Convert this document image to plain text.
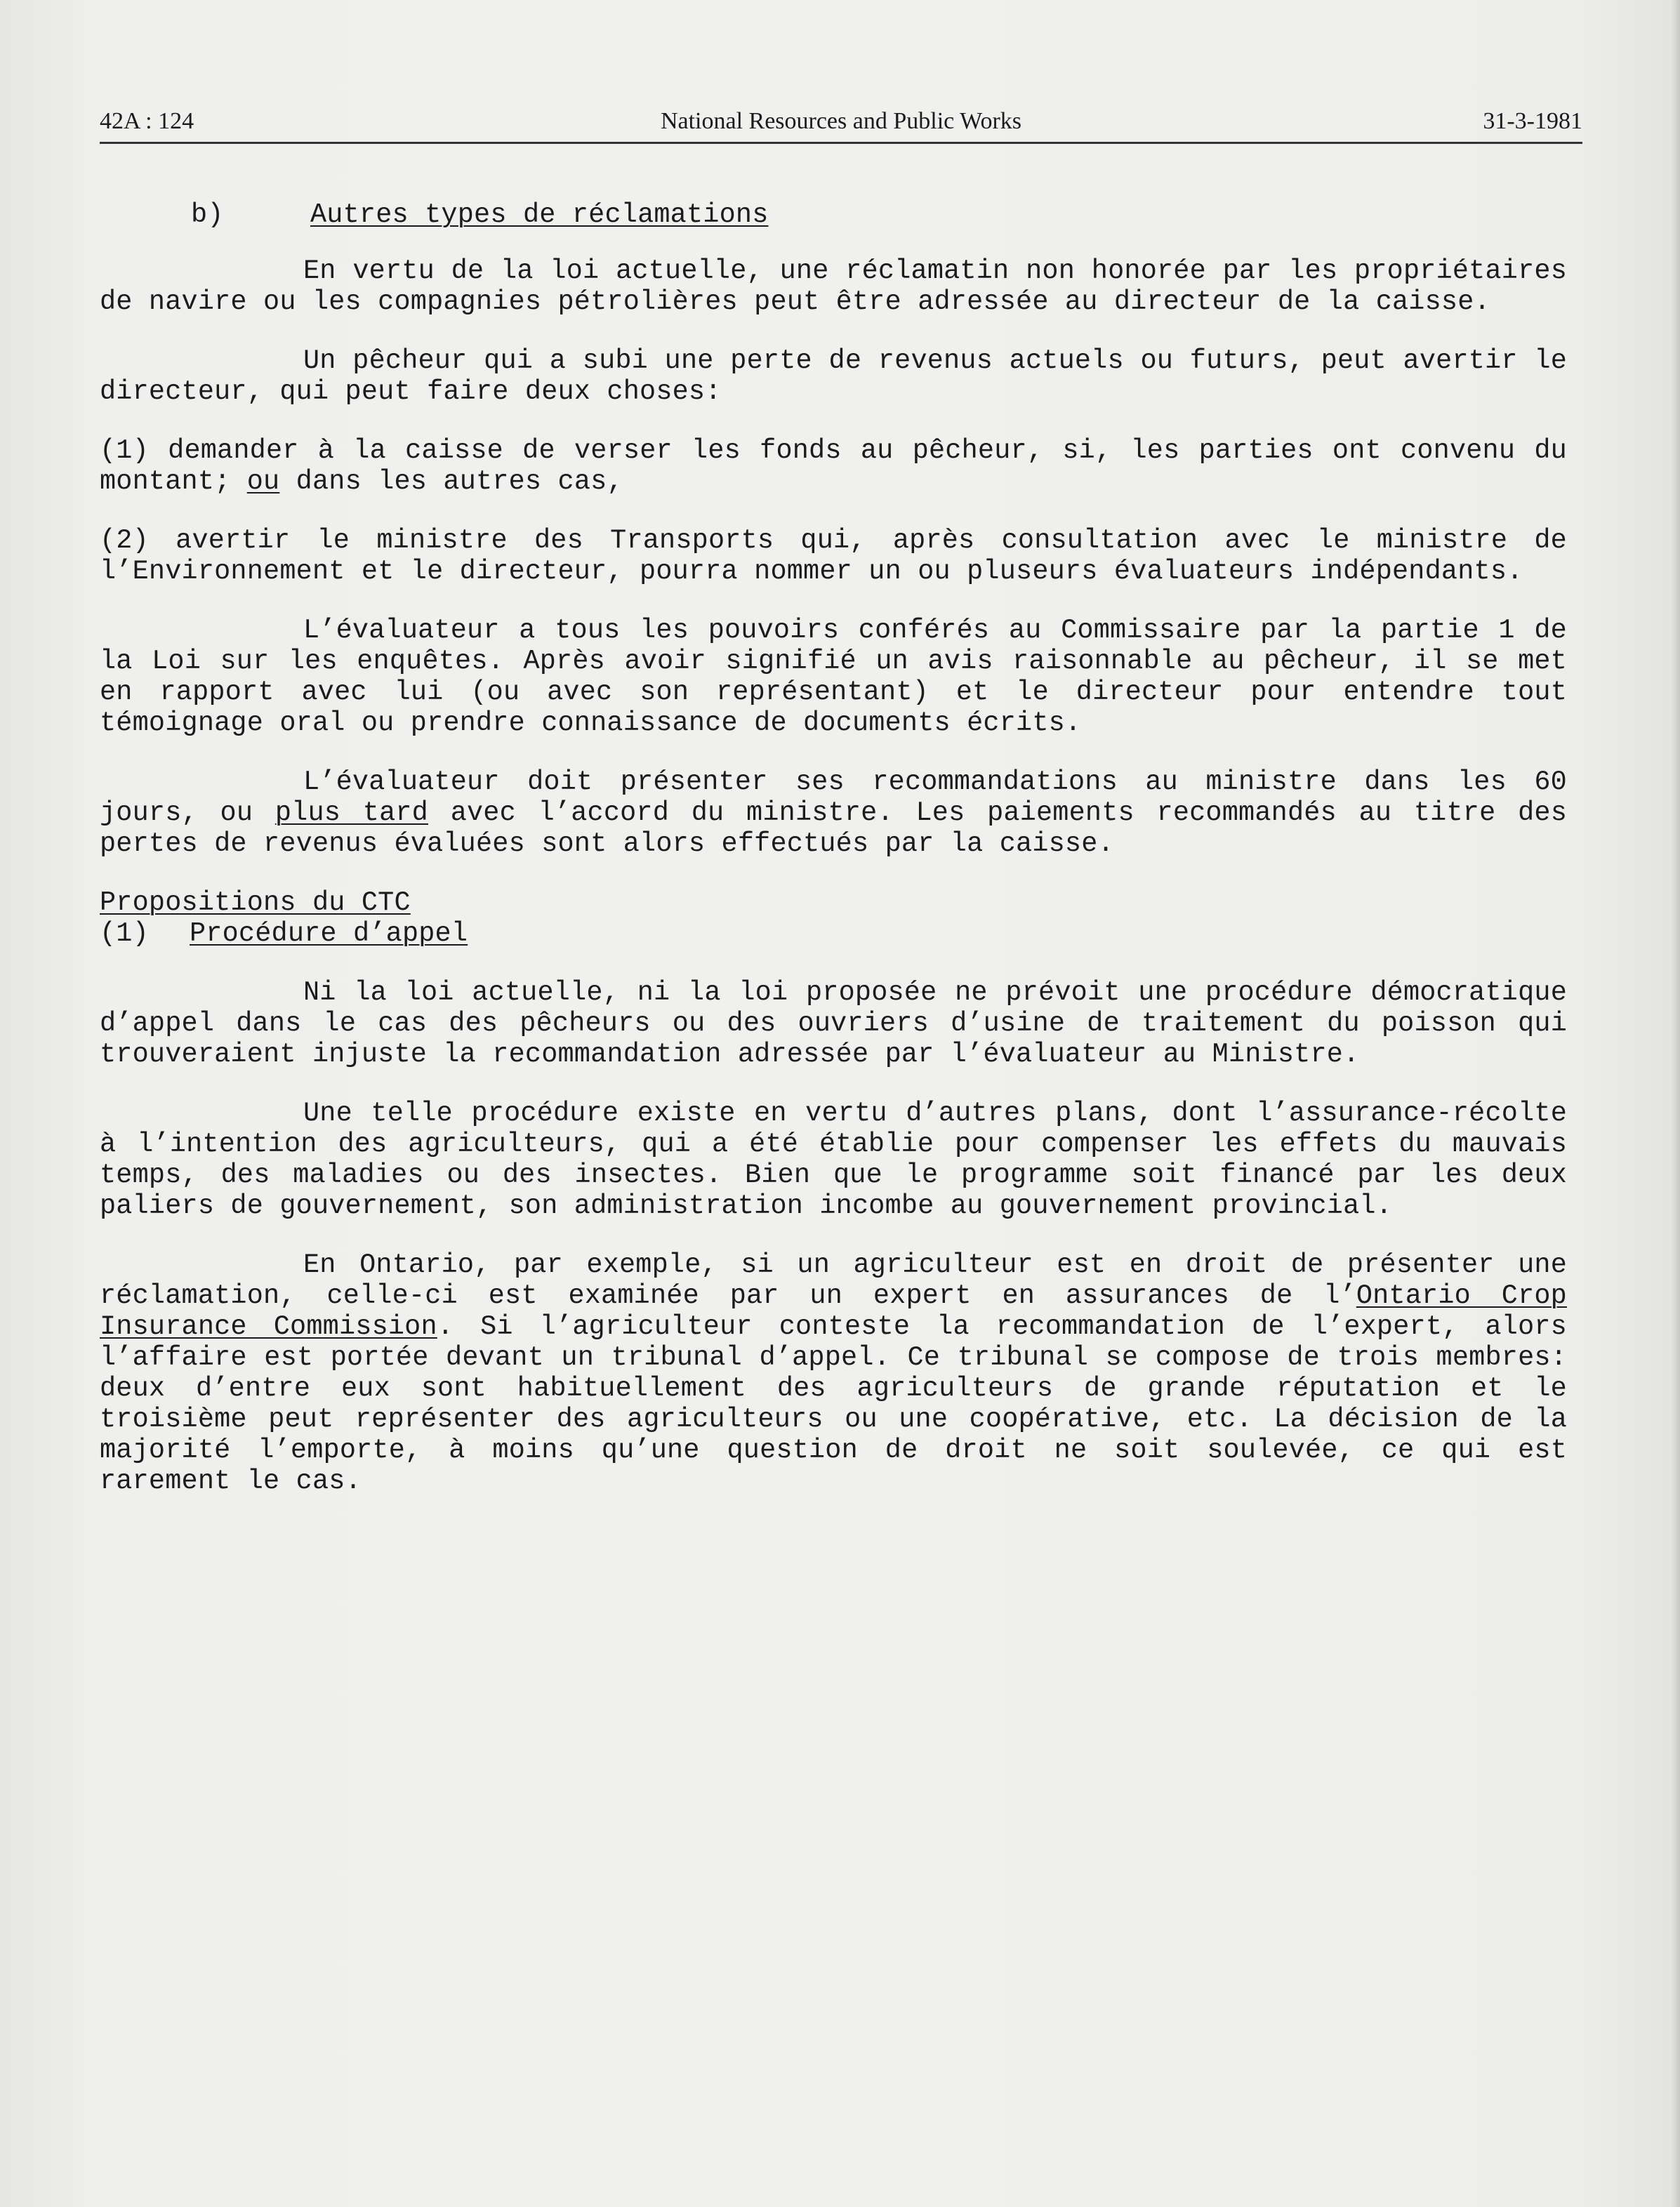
42A : 124	National Resources and Public Works	31-3-1981

b)	Autres types de réclamations

En vertu de la loi actuelle, une réclamatin non honorée par les propriétaires de navire ou les compagnies pétrolières peut être adressée au directeur de la caisse.

Un pêcheur qui a subi une perte de revenus actuels ou futurs, peut avertir le directeur, qui peut faire deux choses:

(1) demander à la caisse de verser les fonds au pêcheur, si, les parties ont convenu du montant; ou dans les autres cas,

(2) avertir le ministre des Transports qui, après consultation avec le ministre de l’Environnement et le directeur, pourra nommer un ou pluseurs évaluateurs indépendants.

L’évaluateur a tous les pouvoirs conférés au Commissaire par la partie 1 de la Loi sur les enquêtes. Après avoir signifié un avis raisonnable au pêcheur, il se met en rapport avec lui (ou avec son représentant) et le directeur pour entendre tout témoignage oral ou prendre connaissance de documents écrits.

L’évaluateur doit présenter ses recommandations au ministre dans les 60 jours, ou plus tard avec l’accord du ministre. Les paiements recommandés au titre des pertes de revenus évaluées sont alors effectués par la caisse.

Propositions du CTC

(1) Procédure d’appel

Ni la loi actuelle, ni la loi proposée ne prévoit une procédure démocratique d’appel dans le cas des pêcheurs ou des ouvriers d’usine de traitement du poisson qui trouveraient injuste la recommandation adressée par l’évaluateur au Ministre.

Une telle procédure existe en vertu d’autres plans, dont l’assurance-récolte à l’intention des agriculteurs, qui a été établie pour compenser les effets du mauvais temps, des maladies ou des insectes. Bien que le programme soit financé par les deux paliers de gouvernement, son administration incombe au gouvernement provincial.

En Ontario, par exemple, si un agriculteur est en droit de présenter une réclamation, celle-ci est examinée par un expert en assurances de l’Ontario Crop Insurance Commission. Si l’agriculteur conteste la recommandation de l’expert, alors l’affaire est portée devant un tribunal d’appel. Ce tribunal se compose de trois membres: deux d’entre eux sont habituellement des agriculteurs de grande réputation et le troisième peut représenter des agriculteurs ou une coopérative, etc. La décision de la majorité l’emporte, à moins qu’une question de droit ne soit soulevée, ce qui est rarement le cas.
